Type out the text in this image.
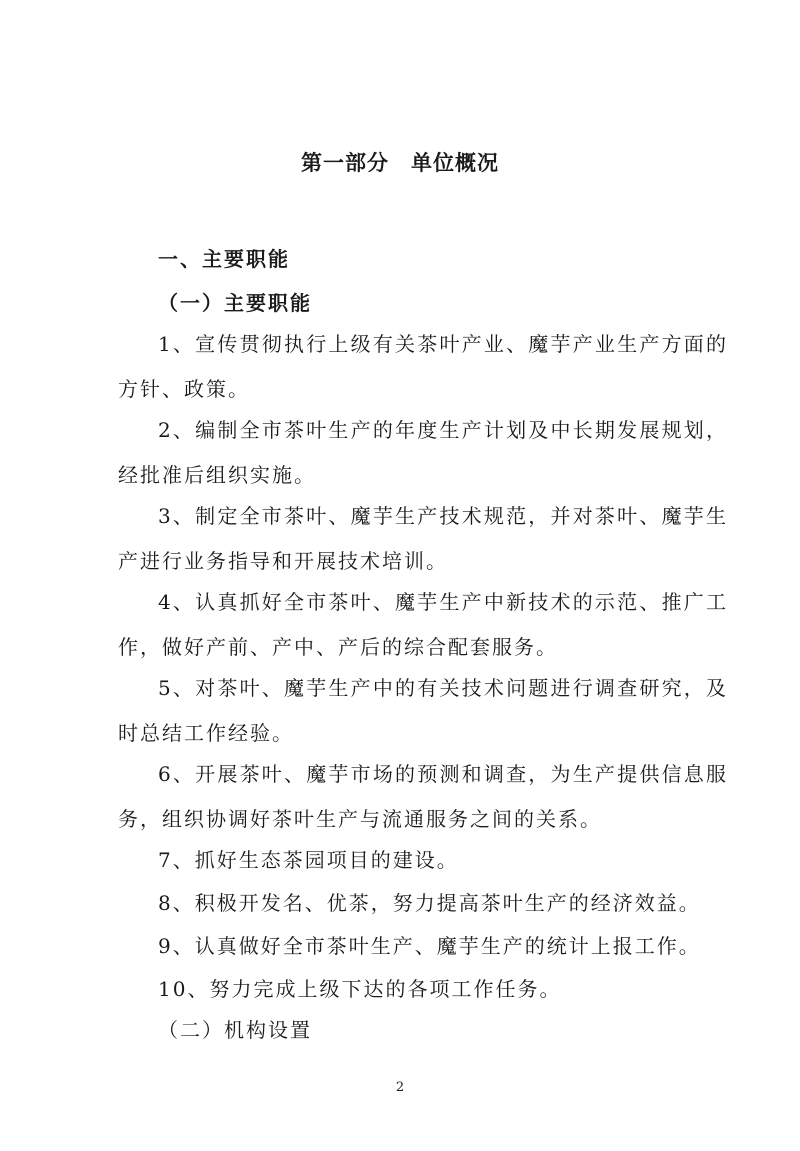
第一部分　单位概况
一、主要职能
（一）主要职能
1、宣传贯彻执行上级有关茶叶产业、魔芋产业生产方面的方针、政策。
2、编制全市茶叶生产的年度生产计划及中长期发展规划，经批准后组织实施。
3、制定全市茶叶、魔芋生产技术规范，并对茶叶、魔芋生产进行业务指导和开展技术培训。
4、认真抓好全市茶叶、魔芋生产中新技术的示范、推广工作，做好产前、产中、产后的综合配套服务。
5、对茶叶、魔芋生产中的有关技术问题进行调查研究，及时总结工作经验。
6、开展茶叶、魔芋市场的预测和调查，为生产提供信息服务，组织协调好茶叶生产与流通服务之间的关系。
7、抓好生态茶园项目的建设。
8、积极开发名、优茶，努力提高茶叶生产的经济效益。
9、认真做好全市茶叶生产、魔芋生产的统计上报工作。
10、努力完成上级下达的各项工作任务。
（二）机构设置
2
